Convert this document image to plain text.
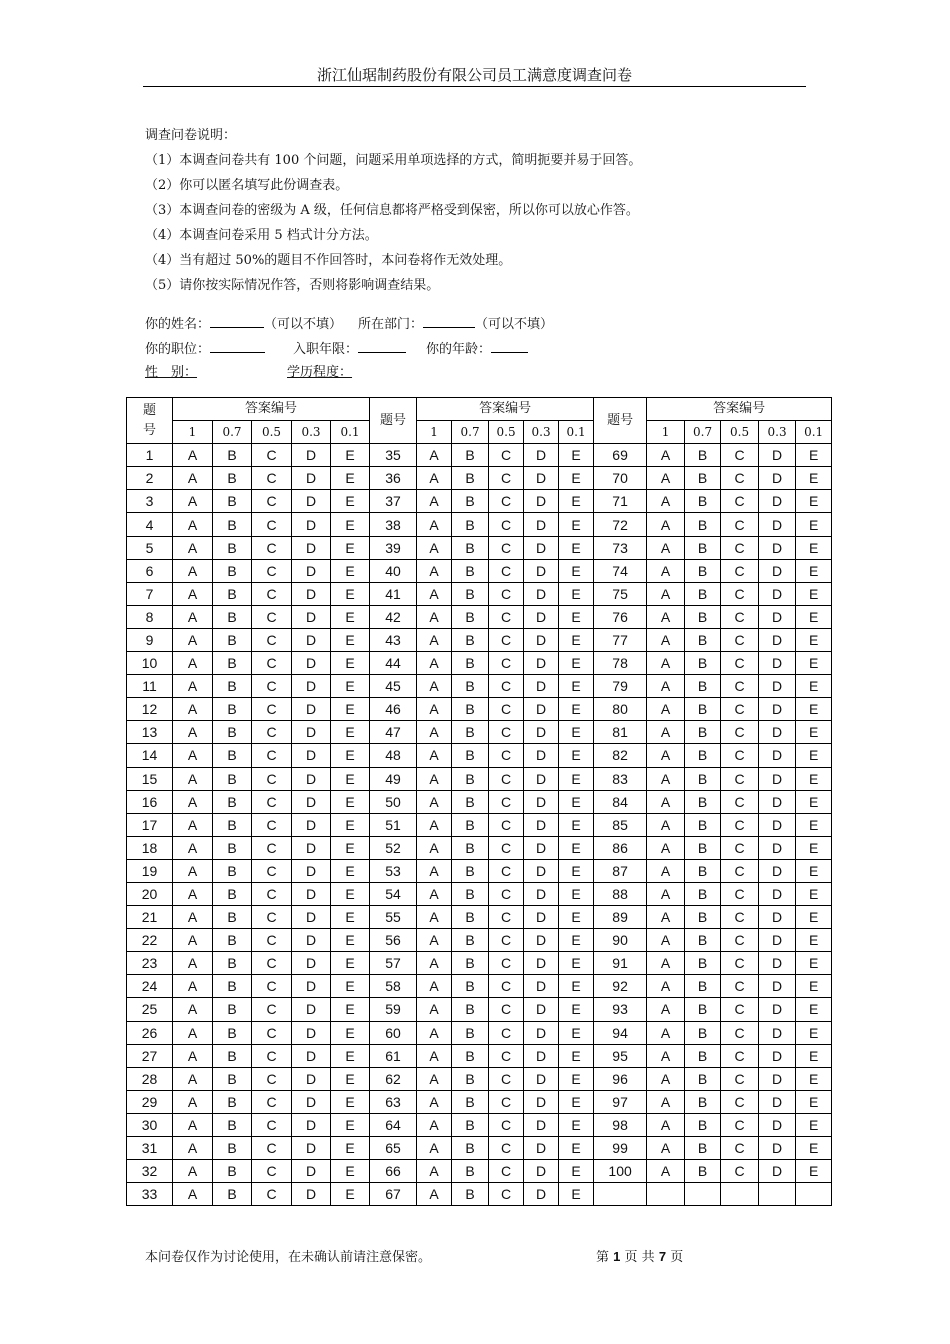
浙江仙琚制药股份有限公司员工满意度调查问卷
调查问卷说明：
（1）本调查问卷共有 100 个问题，问题采用单项选择的方式，简明扼要并易于回答。
（2）你可以匿名填写此份调查表。
（3）本调查问卷的密级为 A 级，任何信息都将严格受到保密，所以你可以放心作答。
（4）本调查问卷采用 5 档式计分方法。
（4）当有超过 50%的题目不作回答时，本问卷将作无效处理。
（5）请你按实际情况作答，否则将影响调查结果。
你的姓名：	（可以不填） 所在部门：	（可以不填）
你的职位：	入职年限：	你的年龄：
性　别：	学历程度：
题
号	答案编号					题号	答案编号					题号	答案编号				
	1	0.7	0.5	0.3	0.1		1	0.7	0.5	0.3	0.1		1	0.7	0.5	0.3	0.1
1	A	B	C	D	E	35	A	B	C	D	E	69	A	B	C	D	E
2	A	B	C	D	E	36	A	B	C	D	E	70	A	B	C	D	E
3	A	B	C	D	E	37	A	B	C	D	E	71	A	B	C	D	E
4	A	B	C	D	E	38	A	B	C	D	E	72	A	B	C	D	E
5	A	B	C	D	E	39	A	B	C	D	E	73	A	B	C	D	E
6	A	B	C	D	E	40	A	B	C	D	E	74	A	B	C	D	E
7	A	B	C	D	E	41	A	B	C	D	E	75	A	B	C	D	E
8	A	B	C	D	E	42	A	B	C	D	E	76	A	B	C	D	E
9	A	B	C	D	E	43	A	B	C	D	E	77	A	B	C	D	E
10	A	B	C	D	E	44	A	B	C	D	E	78	A	B	C	D	E
11	A	B	C	D	E	45	A	B	C	D	E	79	A	B	C	D	E
12	A	B	C	D	E	46	A	B	C	D	E	80	A	B	C	D	E
13	A	B	C	D	E	47	A	B	C	D	E	81	A	B	C	D	E
14	A	B	C	D	E	48	A	B	C	D	E	82	A	B	C	D	E
15	A	B	C	D	E	49	A	B	C	D	E	83	A	B	C	D	E
16	A	B	C	D	E	50	A	B	C	D	E	84	A	B	C	D	E
17	A	B	C	D	E	51	A	B	C	D	E	85	A	B	C	D	E
18	A	B	C	D	E	52	A	B	C	D	E	86	A	B	C	D	E
19	A	B	C	D	E	53	A	B	C	D	E	87	A	B	C	D	E
20	A	B	C	D	E	54	A	B	C	D	E	88	A	B	C	D	E
21	A	B	C	D	E	55	A	B	C	D	E	89	A	B	C	D	E
22	A	B	C	D	E	56	A	B	C	D	E	90	A	B	C	D	E
23	A	B	C	D	E	57	A	B	C	D	E	91	A	B	C	D	E
24	A	B	C	D	E	58	A	B	C	D	E	92	A	B	C	D	E
25	A	B	C	D	E	59	A	B	C	D	E	93	A	B	C	D	E
26	A	B	C	D	E	60	A	B	C	D	E	94	A	B	C	D	E
27	A	B	C	D	E	61	A	B	C	D	E	95	A	B	C	D	E
28	A	B	C	D	E	62	A	B	C	D	E	96	A	B	C	D	E
29	A	B	C	D	E	63	A	B	C	D	E	97	A	B	C	D	E
30	A	B	C	D	E	64	A	B	C	D	E	98	A	B	C	D	E
31	A	B	C	D	E	65	A	B	C	D	E	99	A	B	C	D	E
32	A	B	C	D	E	66	A	B	C	D	E	100	A	B	C	D	E
33	A	B	C	D	E	67	A	B	C	D	E						
本问卷仅作为讨论使用，在未确认前请注意保密。	第 1 页 共 7 页
